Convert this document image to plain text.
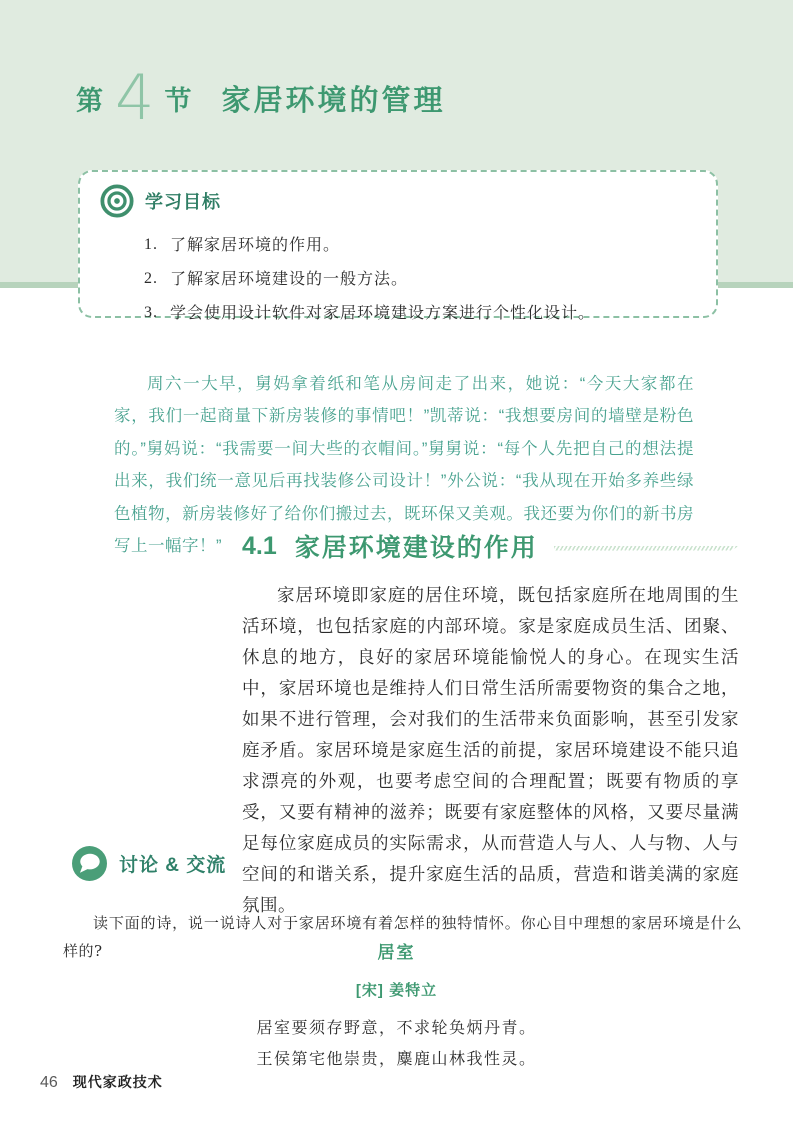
第 4 节 家居环境的管理
学习目标
1. 了解家居环境的作用。
2. 了解家居环境建设的一般方法。
3. 学会使用设计软件对家居环境建设方案进行个性化设计。

周六一大早，舅妈拿着纸和笔从房间走了出来，她说：“今天大家都在家，我们一起商量下新房装修的事情吧！”凯蒂说：“我想要房间的墙壁是粉色的。”舅妈说：“我需要一间大些的衣帽间。”舅舅说：“每个人先把自己的想法提出来，我们统一意见后再找装修公司设计！”外公说：“我从现在开始多养些绿色植物，新房装修好了给你们搬过去，既环保又美观。我还要为你们的新书房写上一幅字！” 4.1 家居环境建设的作用

家居环境即家庭的居住环境，既包括家庭所在地周围的生活环境，也包括家庭的内部环境。家是家庭成员生活、团聚、休息的地方，良好的家居环境能愉悦人的身心。在现实生活中，家居环境也是维持人们日常生活所需要物资的集合之地，如果不进行管理，会对我们的生活带来负面影响，甚至引发家庭矛盾。家居环境是家庭生活的前提，家居环境建设不能只追求漂亮的外观，也要考虑空间的合理配置；既要有物质的享受，又要有精神的滋养；既要有家庭整体的风格，又要尽量满足每位家庭成员的实际需求，从而营造人与人、人与物、人与空间的和谐关系，提升家庭生活的品质，营造和谐美满的家庭氛围。

讨论 & 交流

读下面的诗，说一说诗人对于家居环境有着怎样的独特情怀。你心目中理想的家居环境是什么样的?	居室
[宋] 姜特立
居室要须存野意，不求轮奂炳丹青。
王侯第宅他崇贵，麋鹿山林我性灵。
46 现代家政技术
